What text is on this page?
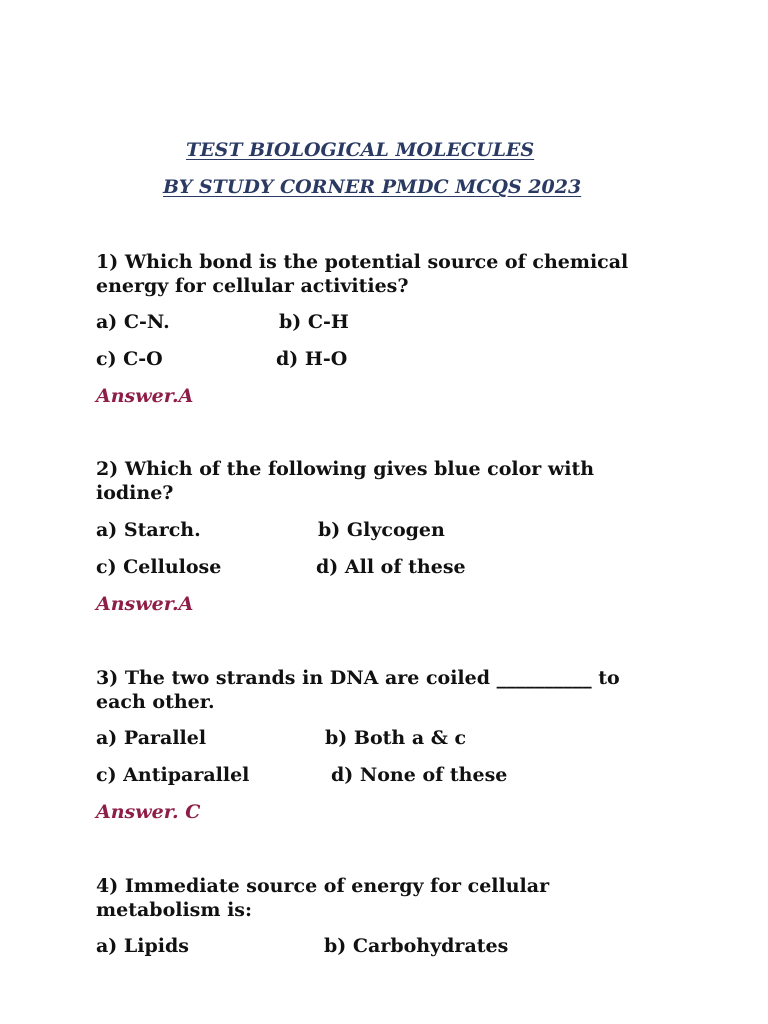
TEST BIOLOGICAL MOLECULES
BY STUDY CORNER PMDC MCQS 2023

1) Which bond is the potential source of chemical energy for cellular activities?

a) C-N.	b) C-H

c) C-O	d) H-O

Answer.A

2) Which of the following gives blue color with iodine?

a) Starch.	b) Glycogen

c) Cellulose	d) All of these

Answer.A

3) The two strands in DNA are coiled __________ to each other.

a) Parallel	b) Both a & c

c) Antiparallel	d) None of these

Answer. C

4) Immediate source of energy for cellular metabolism is:

a) Lipids	b) Carbohydrates
